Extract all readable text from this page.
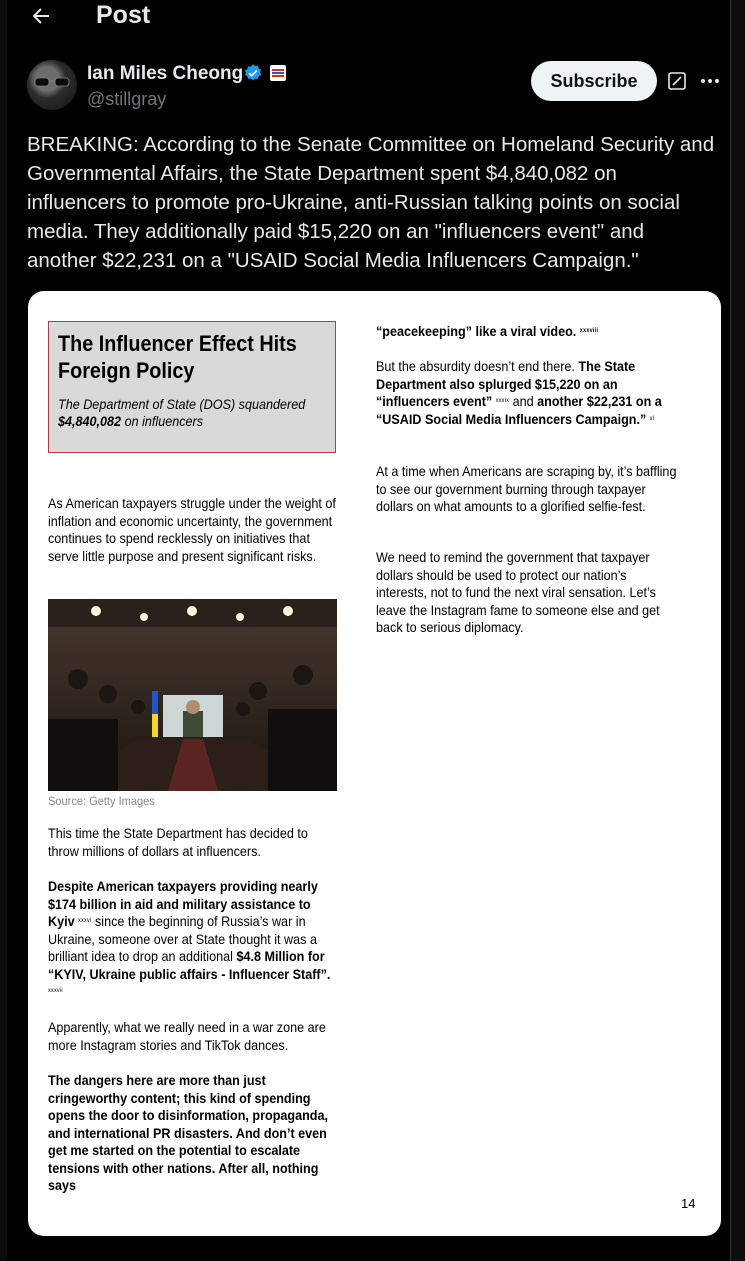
Post
Ian Miles Cheong
@stillgray
Subscribe
BREAKING: According to the Senate Committee on Homeland Security and Governmental Affairs, the State Department spent $4,840,082 on influencers to promote pro-Ukraine, anti-Russian talking points on social media. They additionally paid $15,220 on an "influencers event" and another $22,231 on a "USAID Social Media Influencers Campaign."
The Influencer Effect Hits Foreign Policy
The Department of State (DOS) squandered
$4,840,082 on influencers
As American taxpayers struggle under the weight of inflation and economic uncertainty, the government continues to spend recklessly on initiatives that serve little purpose and present significant risks.
This time the State Department has decided to throw millions of dollars at influencers.
Despite American taxpayers providing nearly $174 billion in aid and military assistance to Kyiv $^{xxxvi}$ since the beginning of Russia’s war in Ukraine, someone over at State thought it was a brilliant idea to drop an additional $4.8 Million for “KYIV, Ukraine public affairs - Influencer Staff”. $^{xxxvii}$
Apparently, what we really need in a war zone are more Instagram stories and TikTok dances.
The dangers here are more than just cringeworthy content; this kind of spending opens the door to disinformation, propaganda, and international PR disasters. And don’t even get me started on the potential to escalate tensions with other nations. After all, nothing says
Source: Getty Images
“peacekeeping” like a viral video. $^{xxxviii}$
But the absurdity doesn’t end there. The State Department also splurged $15,220 on an “influencers event” $^{xxxix}$ and another $22,231 on a “USAID Social Media Influencers Campaign.” $^{xl}$
At a time when Americans are scraping by, it’s baffling to see our government burning through taxpayer dollars on what amounts to a glorified selfie-fest.
We need to remind the government that taxpayer dollars should be used to protect our nation’s interests, not to fund the next viral sensation. Let’s leave the Instagram fame to someone else and get back to serious diplomacy.
14
